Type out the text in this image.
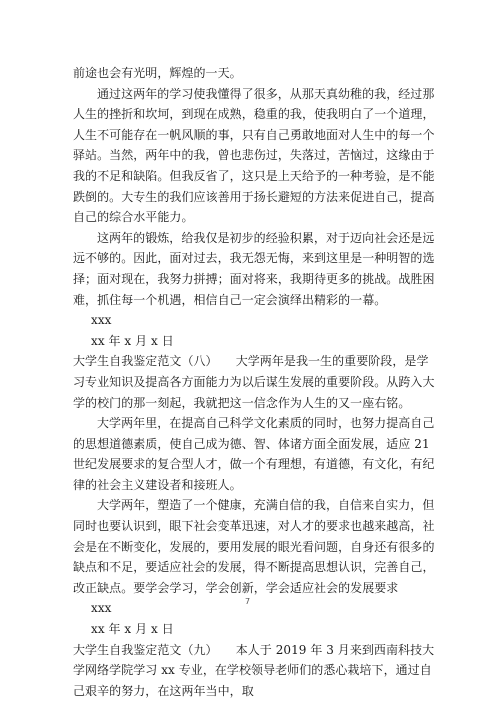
前途也会有光明，辉煌的一天。

通过这两年的学习使我懂得了很多，从那天真幼稚的我，经过那人生的挫折和坎坷，到现在成熟，稳重的我，使我明白了一个道理，人生不可能存在一帆风顺的事，只有自己勇敢地面对人生中的每一个驿站。当然，两年中的我，曾也悲伤过，失落过，苦恼过，这缘由于我的不足和缺陷。但我反省了，这只是上天给予的一种考验，是不能跌倒的。大专生的我们应该善用于扬长避短的方法来促进自己，提高自己的综合水平能力。

这两年的锻炼，给我仅是初步的经验积累，对于迈向社会还是远远不够的。因此，面对过去，我无怨无悔，来到这里是一种明智的选择；面对现在，我努力拼搏；面对将来，我期待更多的挑战。战胜困难，抓住每一个机遇，相信自己一定会演绎出精彩的一幕。

xxx

xx 年 x 月 x 日

大学生自我鉴定范文（八）　　大学两年是我一生的重要阶段，是学习专业知识及提高各方面能力为以后谋生发展的重要阶段。从跨入大学的校门的那一刻起，我就把这一信念作为人生的又一座右铭。

大学两年里，在提高自己科学文化素质的同时，也努力提高自己的思想道德素质，使自己成为德、智、体诸方面全面发展，适应 21 世纪发展要求的复合型人才，做一个有理想，有道德，有文化，有纪律的社会主义建设者和接班人。

大学两年，塑造了一个健康，充满自信的我，自信来自实力，但同时也要认识到，眼下社会变革迅速，对人才的要求也越来越高，社会是在不断变化，发展的，要用发展的眼光看问题，自身还有很多的缺点和不足，要适应社会的发展，得不断提高思想认识，完善自己，改正缺点。要学会学习，学会创新，学会适应社会的发展要求

xxx

xx 年 x 月 x 日

大学生自我鉴定范文（九）　　本人于 2019 年 3 月来到西南科技大学网络学院学习 xx 专业，在学校领导老师们的悉心栽培下，通过自己艰辛的努力，在这两年当中，取

7
